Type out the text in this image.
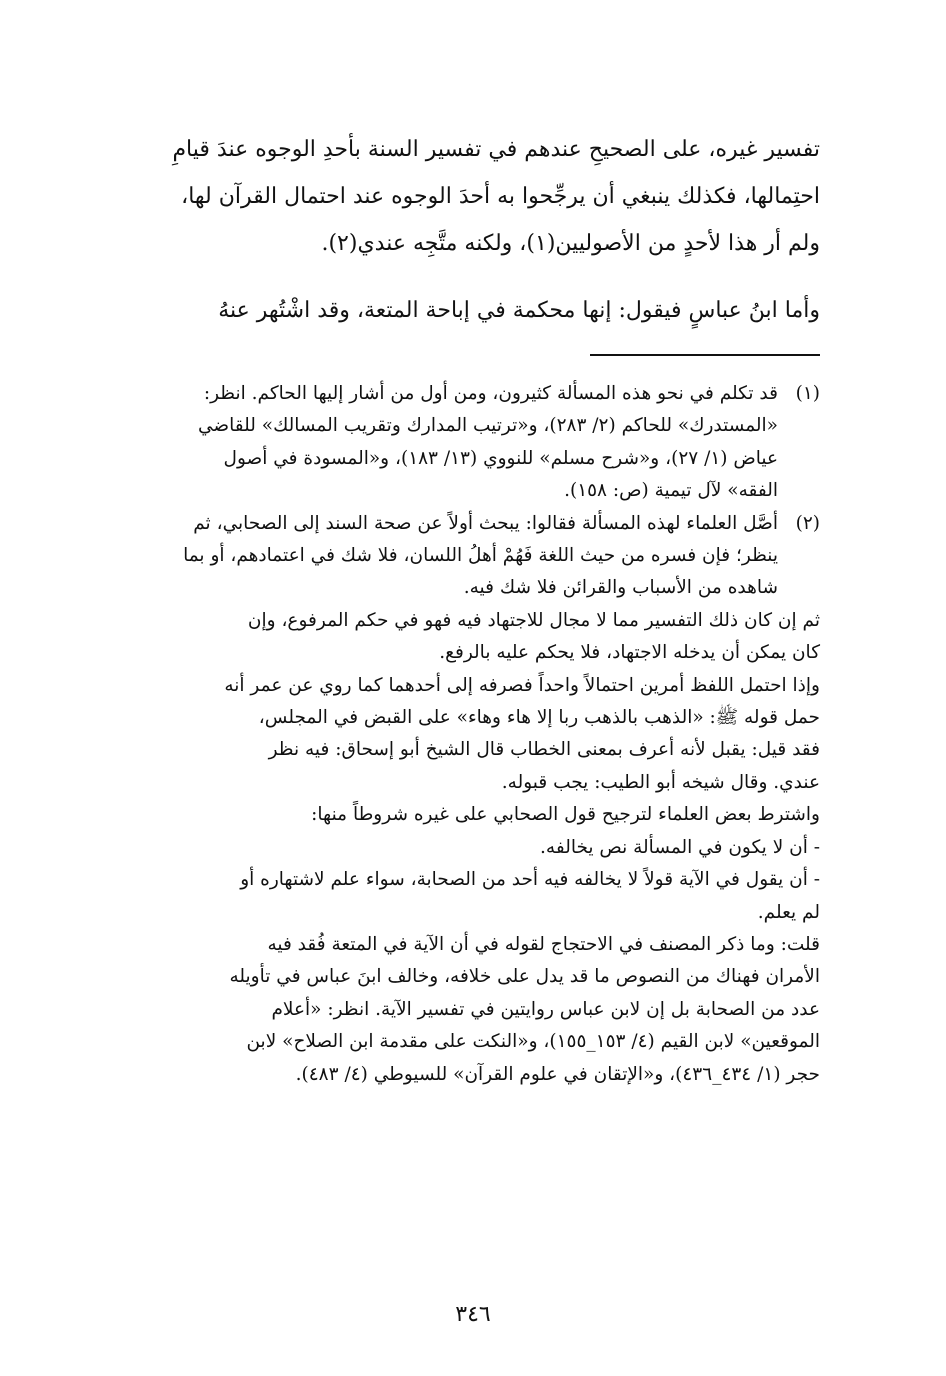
تفسير غيره، على الصحيحِ عندهم في تفسير السنة بأحدِ الوجوه عندَ قيامِ
احتِمالها، فكذلك ينبغي أن يرجِّحوا به أحدَ الوجوه عند احتمال القرآن لها،
ولم أر هذا لأحدٍ من الأصوليين(١)، ولكنه متَّجِه عندي(٢).

وأما ابنُ عباسٍ فيقول: إنها محكمة في إباحة المتعة، وقد اشْتُهر عنهُ

(١)
قد تكلم في نحو هذه المسألة كثيرون، ومن أول من أشار إليها الحاكم. انظر:
«المستدرك» للحاكم (٢/ ٢٨٣)، و«ترتيب المدارك وتقريب المسالك» للقاضي
عياض (١/ ٢٧)، و«شرح مسلم» للنووي (١٣/ ١٨٣)، و«المسودة في أصول
الفقه» لآل تيمية (ص: ١٥٨).
(٢)
أصَّل العلماء لهذه المسألة فقالوا: يبحث أولاً عن صحة السند إلى الصحابي، ثم
ينظر؛ فإن فسره من حيث اللغة فَهُمْ أهلُ اللسان، فلا شك في اعتمادهم، أو بما
شاهده من الأسباب والقرائن فلا شك فيه.
ثم إن كان ذلك التفسير مما لا مجال للاجتهاد فيه فهو في حكم المرفوع، وإن
كان يمكن أن يدخله الاجتهاد، فلا يحكم عليه بالرفع.
وإذا احتمل اللفظ أمرين احتمالاً واحداً فصرفه إلى أحدهما كما روي عن عمر أنه
حمل قوله ﷺ: «الذهب بالذهب ربا إلا هاء وهاء» على القبض في المجلس،
فقد قيل: يقبل لأنه أعرف بمعنى الخطاب قال الشيخ أبو إسحاق: فيه نظر
عندي. وقال شيخه أبو الطيب: يجب قبوله.
واشترط بعض العلماء لترجيح قول الصحابي على غيره شروطاً منها:
- أن لا يكون في المسألة نص يخالفه.
- أن يقول في الآية قولاً لا يخالفه فيه أحد من الصحابة، سواء علم لاشتهاره أو
لم يعلم.
قلت: وما ذكر المصنف في الاحتجاج لقوله في أن الآية في المتعة فُقد فيه
الأمران فهناك من النصوص ما قد يدل على خلافه، وخالف ابنَ عباس في تأويله
عدد من الصحابة بل إن لابن عباس روايتين في تفسير الآية. انظر: «أعلام
الموقعين» لابن القيم (٤/ ١٥٣_١٥٥)، و«النكت على مقدمة ابن الصلاح» لابن
حجر (١/ ٤٣٤_٤٣٦)، و«الإتقان في علوم القرآن» للسيوطي (٤/ ٤٨٣).
٣٤٦
